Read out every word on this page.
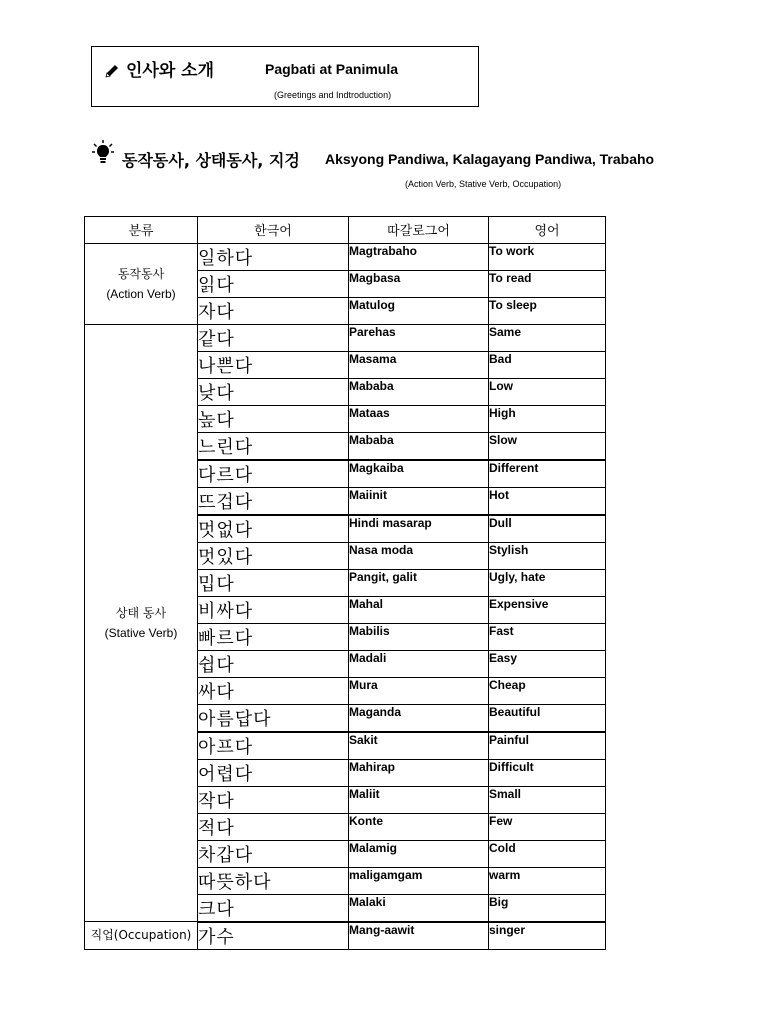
인사와 소개	Pagbati at Panimula
(Greetings and Indtroduction)
동작동사, 상태동사, 지겅 Aksyong Pandiwa, Kalagayang Pandiwa, Trabaho
(Action Verb, Stative Verb, Occupation)
분류	한극어	따갈로그어	영어

동작동사
(Action Verb)	일하다	Magtrabaho	To work
	읽다	Magbasa	To read
	자다	Matulog	To sleep

상태 동사
(Stative Verb)	같다	Parehas	Same
	나쁜다	Masama	Bad
	낮다	Mababa	Low
	높다	Mataas	High
	느린다	Mababa	Slow
	다르다	Magkaiba	Different
	뜨겁다	Maiinit	Hot
	멋없다	Hindi masarap	Dull
	멋있다	Nasa moda	Stylish
	밉다	Pangit, galit	Ugly, hate
	비싸다	Mahal	Expensive
	빠르다	Mabilis	Fast
	쉽다	Madali	Easy
	싸다	Mura	Cheap
	아름답다	Maganda	Beautiful
	아프다	Sakit	Painful
	어렵다	Mahirap	Difficult
	작다	Maliit	Small
	적다	Konte	Few
	차갑다	Malamig	Cold
	따뜻하다	maligamgam	warm
	크다	Malaki	Big
직업(Occupation)	가수	Mang-aawit	singer
